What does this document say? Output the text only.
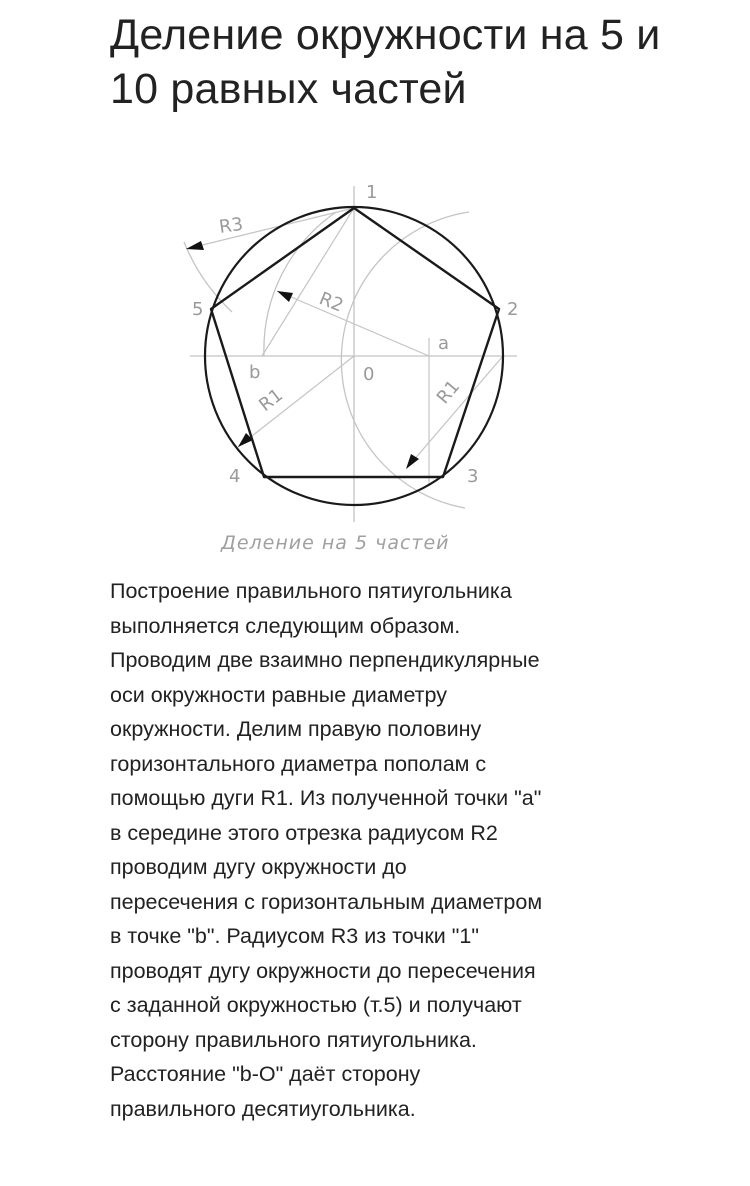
Деление окружности на 5 и 10 равных частей
1
2
3
4
5
0
a
b
R3
R2
R1	R1
Деление на 5 частей

Построение правильного пятиугольника
выполняется следующим образом.
Проводим две взаимно перпендикулярные
оси окружности равные диаметру
окружности. Делим правую половину
горизонтального диаметра пополам с
помощью дуги R1. Из полученной точки "a"
в середине этого отрезка радиусом R2
проводим дугу окружности до
пересечения с горизонтальным диаметром
в точке "b". Радиусом R3 из точки "1"
проводят дугу окружности до пересечения
с заданной окружностью (т.5) и получают
сторону правильного пятиугольника.
Расстояние "b-O" даёт сторону
правильного десятиугольника.
